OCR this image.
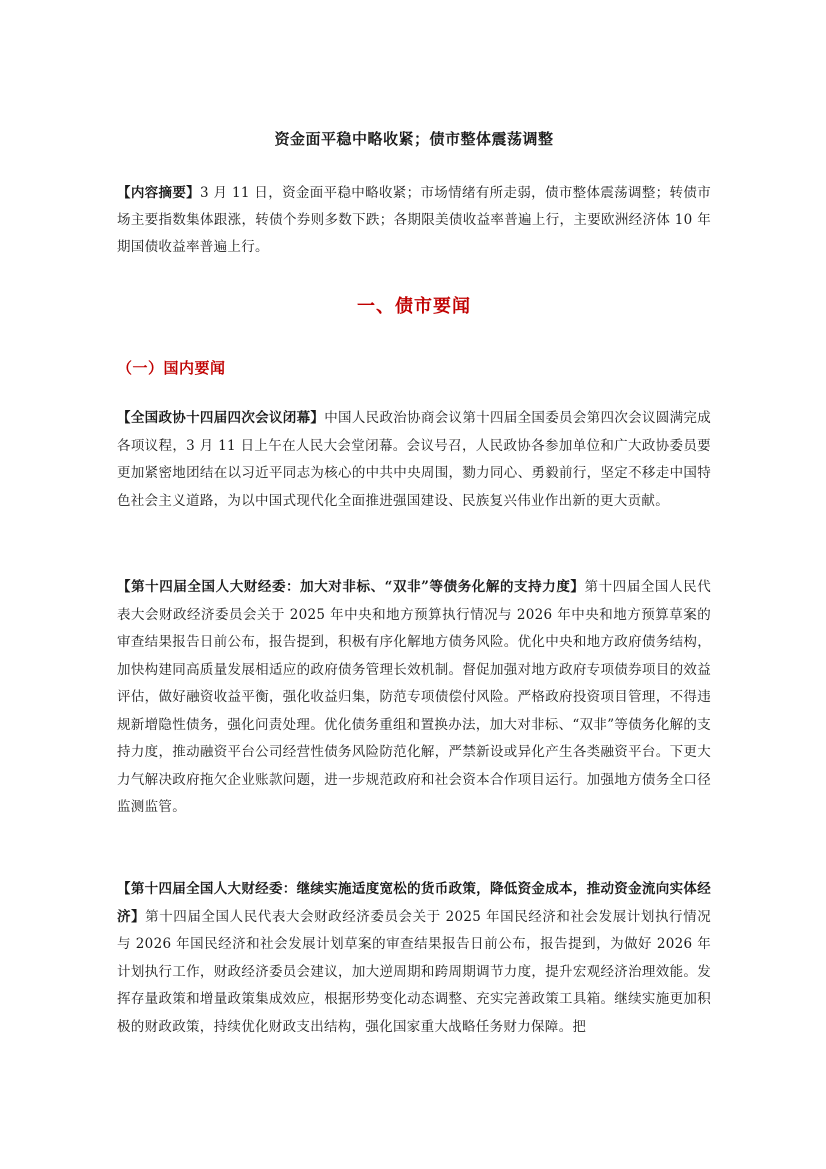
资金面平稳中略收紧；债市整体震荡调整
【内容摘要】3 月 11 日，资金面平稳中略收紧；市场情绪有所走弱，债市整体震荡调整；转债市场主要指数集体跟涨，转债个券则多数下跌；各期限美债收益率普遍上行，主要欧洲经济体 10 年期国债收益率普遍上行。
一、债市要闻
（一）国内要闻
【全国政协十四届四次会议闭幕】中国人民政治协商会议第十四届全国委员会第四次会议圆满完成各项议程，3 月 11 日上午在人民大会堂闭幕。会议号召，人民政协各参加单位和广大政协委员要更加紧密地团结在以习近平同志为核心的中共中央周围，勠力同心、勇毅前行，坚定不移走中国特色社会主义道路，为以中国式现代化全面推进强国建设、民族复兴伟业作出新的更大贡献。
【第十四届全国人大财经委：加大对非标、“双非”等债务化解的支持力度】第十四届全国人民代表大会财政经济委员会关于 2025 年中央和地方预算执行情况与 2026 年中央和地方预算草案的审查结果报告日前公布，报告提到，积极有序化解地方债务风险。优化中央和地方政府债务结构，加快构建同高质量发展相适应的政府债务管理长效机制。督促加强对地方政府专项债券项目的效益评估，做好融资收益平衡，强化收益归集，防范专项债偿付风险。严格政府投资项目管理，不得违规新增隐性债务，强化问责处理。优化债务重组和置换办法，加大对非标、“双非”等债务化解的支持力度，推动融资平台公司经营性债务风险防范化解，严禁新设或异化产生各类融资平台。下更大力气解决政府拖欠企业账款问题，进一步规范政府和社会资本合作项目运行。加强地方债务全口径监测监管。
【第十四届全国人大财经委：继续实施适度宽松的货币政策，降低资金成本，推动资金流向实体经济】第十四届全国人民代表大会财政经济委员会关于 2025 年国民经济和社会发展计划执行情况与 2026 年国民经济和社会发展计划草案的审查结果报告日前公布，报告提到，为做好 2026 年计划执行工作，财政经济委员会建议，加大逆周期和跨周期调节力度，提升宏观经济治理效能。发挥存量政策和增量政策集成效应，根据形势变化动态调整、充实完善政策工具箱。继续实施更加积极的财政政策，持续优化财政支出结构，强化国家重大战略任务财力保障。把
